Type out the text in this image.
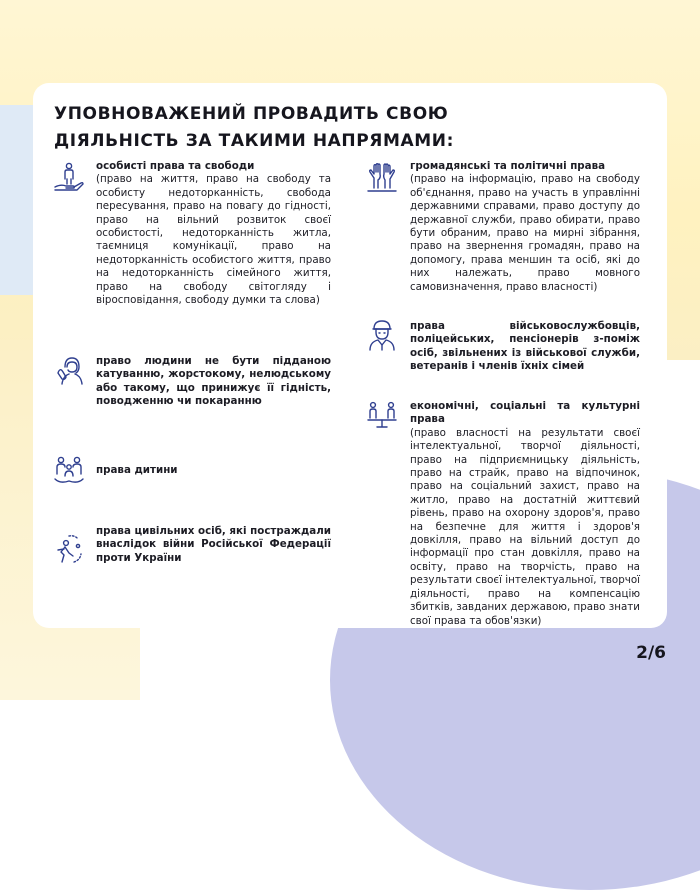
УПОВНОВАЖЕНИЙ ПРОВАДИТЬ СВОЮ
ДІЯЛЬНІСТЬ ЗА ТАКИМИ НАПРЯМАМИ:

особисті права та свободи
(право на життя, право на свободу та особисту недоторканність, свобода пересування, право на повагу до гідності, право на вільний розвиток своєї особистості, недоторканність житла, таємниця комунікації, право на недоторканність особистого життя, право на недоторканність сімейного життя, право на свободу світогляду і віросповідання, свободу думки та слова)

право людини не бути підданою катуванню, жорстокому, нелюдському або такому, що принижує її гідність, поводженню чи покаранню

права дитини

права цивільних осіб, які постраждали внаслідок війни Російської Федерації проти України

громадянські та політичні права
(право на інформацію, право на свободу об'єднання, право на участь в управлінні державними справами, право доступу до державної служби, право обирати, право бути обраним, право на мирні зібрання, право на звернення громадян, право на допомогу, права меншин та осіб, які до них належать, право мовного самовизначення, право власності)

права військовослужбовців, поліцейських, пенсіонерів з-поміж осіб, звільнених із військової служби, ветеранів і членів їхніх сімей

економічні, соціальні та культурні права
(право власності на результати своєї інтелектуальної, творчої діяльності, право на підприємницьку діяльність, право на страйк, право на відпочинок, право на соціальний захист, право на житло, право на достатній життєвий рівень, право на охорону здоров'я, право на безпечне для життя і здоров'я довкілля, право на вільний доступ до інформації про стан довкілля, право на освіту, право на творчість, право на результати своєї інтелектуальної, творчої діяльності, право на компенсацію збитків, завданих державою, право знати свої права та обов'язки)

2/6
